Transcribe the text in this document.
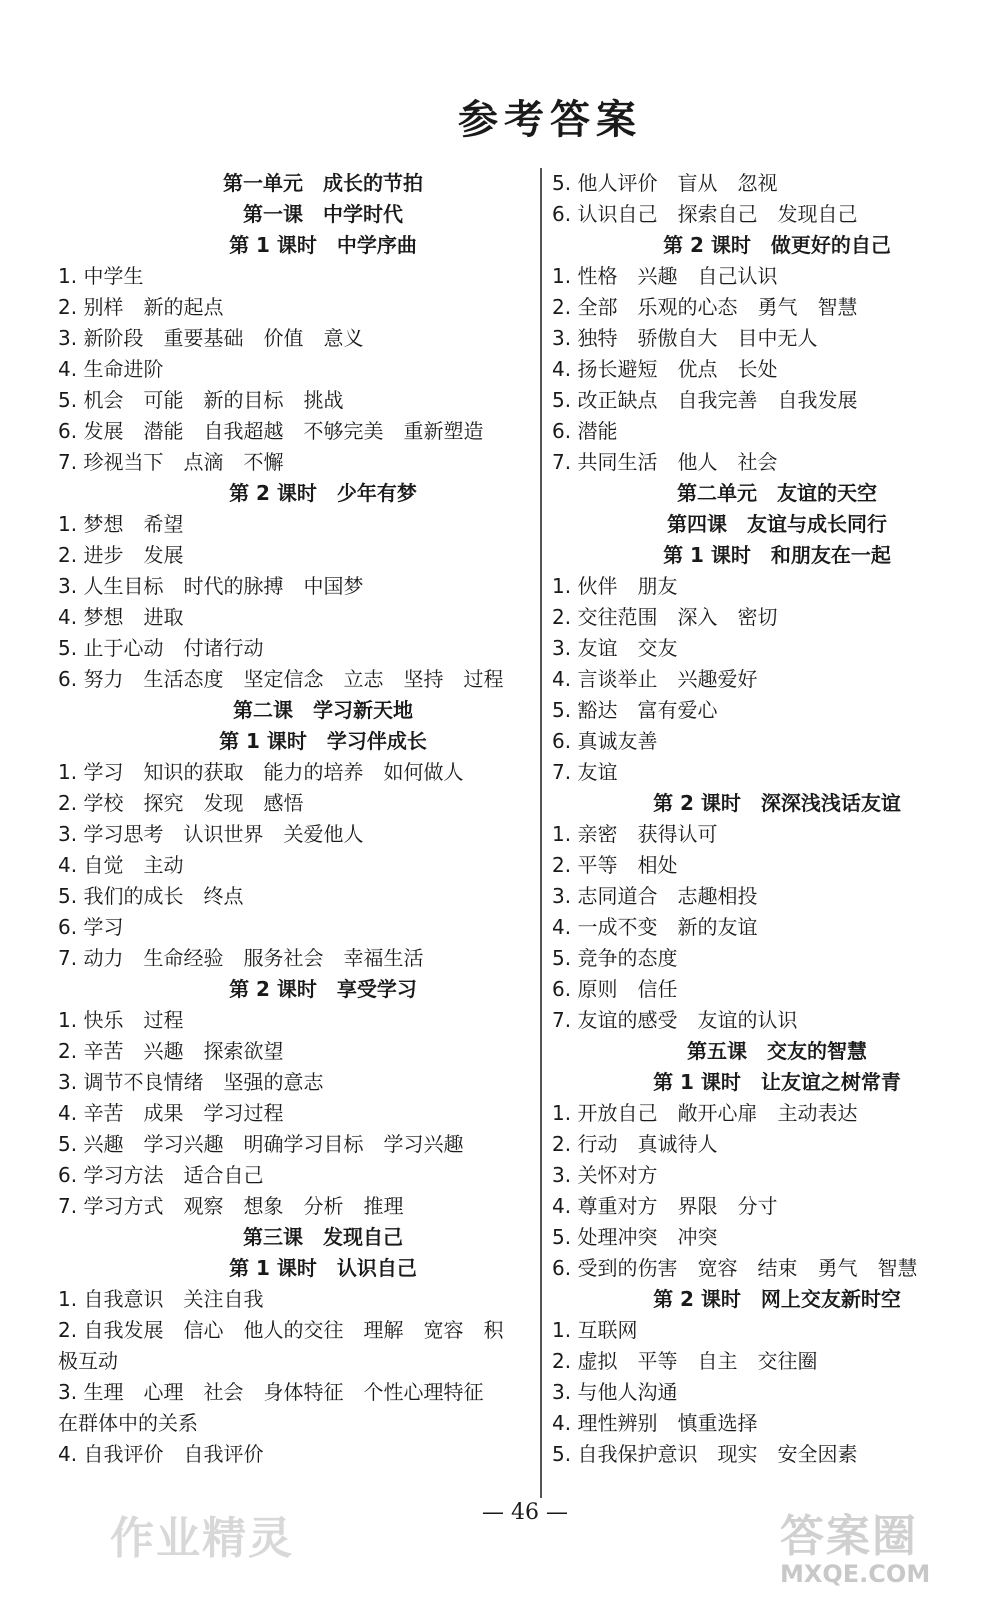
参考答案
第一单元　成长的节拍
第一课　中学时代
第 1 课时　中学序曲
1. 中学生
2. 别样　新的起点
3. 新阶段　重要基础　价值　意义
4. 生命进阶
5. 机会　可能　新的目标　挑战
6. 发展　潜能　自我超越　不够完美　重新塑造
7. 珍视当下　点滴　不懈
第 2 课时　少年有梦
1. 梦想　希望
2. 进步　发展
3. 人生目标　时代的脉搏　中国梦
4. 梦想　进取
5. 止于心动　付诸行动
6. 努力　生活态度　坚定信念　立志　坚持　过程
第二课　学习新天地
第 1 课时　学习伴成长
1. 学习　知识的获取　能力的培养　如何做人
2. 学校　探究　发现　感悟
3. 学习思考　认识世界　关爱他人
4. 自觉　主动
5. 我们的成长　终点
6. 学习
7. 动力　生命经验　服务社会　幸福生活
第 2 课时　享受学习
1. 快乐　过程
2. 辛苦　兴趣　探索欲望
3. 调节不良情绪　坚强的意志
4. 辛苦　成果　学习过程
5. 兴趣　学习兴趣　明确学习目标　学习兴趣
6. 学习方法　适合自己
7. 学习方式　观察　想象　分析　推理
第三课　发现自己
第 1 课时　认识自己
1. 自我意识　关注自我
2. 自我发展　信心　他人的交往　理解　宽容　积
极互动
3. 生理　心理　社会　身体特征　个性心理特征
在群体中的关系
4. 自我评价　自我评价
5. 他人评价　盲从　忽视
6. 认识自己　探索自己　发现自己
第 2 课时　做更好的自己
1. 性格　兴趣　自己认识
2. 全部　乐观的心态　勇气　智慧
3. 独特　骄傲自大　目中无人
4. 扬长避短　优点　长处
5. 改正缺点　自我完善　自我发展
6. 潜能
7. 共同生活　他人　社会
第二单元　友谊的天空
第四课　友谊与成长同行
第 1 课时　和朋友在一起
1. 伙伴　朋友
2. 交往范围　深入　密切
3. 友谊　交友
4. 言谈举止　兴趣爱好
5. 豁达　富有爱心
6. 真诚友善
7. 友谊
第 2 课时　深深浅浅话友谊
1. 亲密　获得认可
2. 平等　相处
3. 志同道合　志趣相投
4. 一成不变　新的友谊
5. 竞争的态度
6. 原则　信任
7. 友谊的感受　友谊的认识
第五课　交友的智慧
第 1 课时　让友谊之树常青
1. 开放自己　敞开心扉　主动表达
2. 行动　真诚待人
3. 关怀对方
4. 尊重对方　界限　分寸
5. 处理冲突　冲突
6. 受到的伤害　宽容　结束　勇气　智慧
第 2 课时　网上交友新时空
1. 互联网
2. 虚拟　平等　自主　交往圈
3. 与他人沟通
4. 理性辨别　慎重选择
5. 自我保护意识　现实　安全因素
— 46 —
作业精灵	答案圈
MXQE.COM
